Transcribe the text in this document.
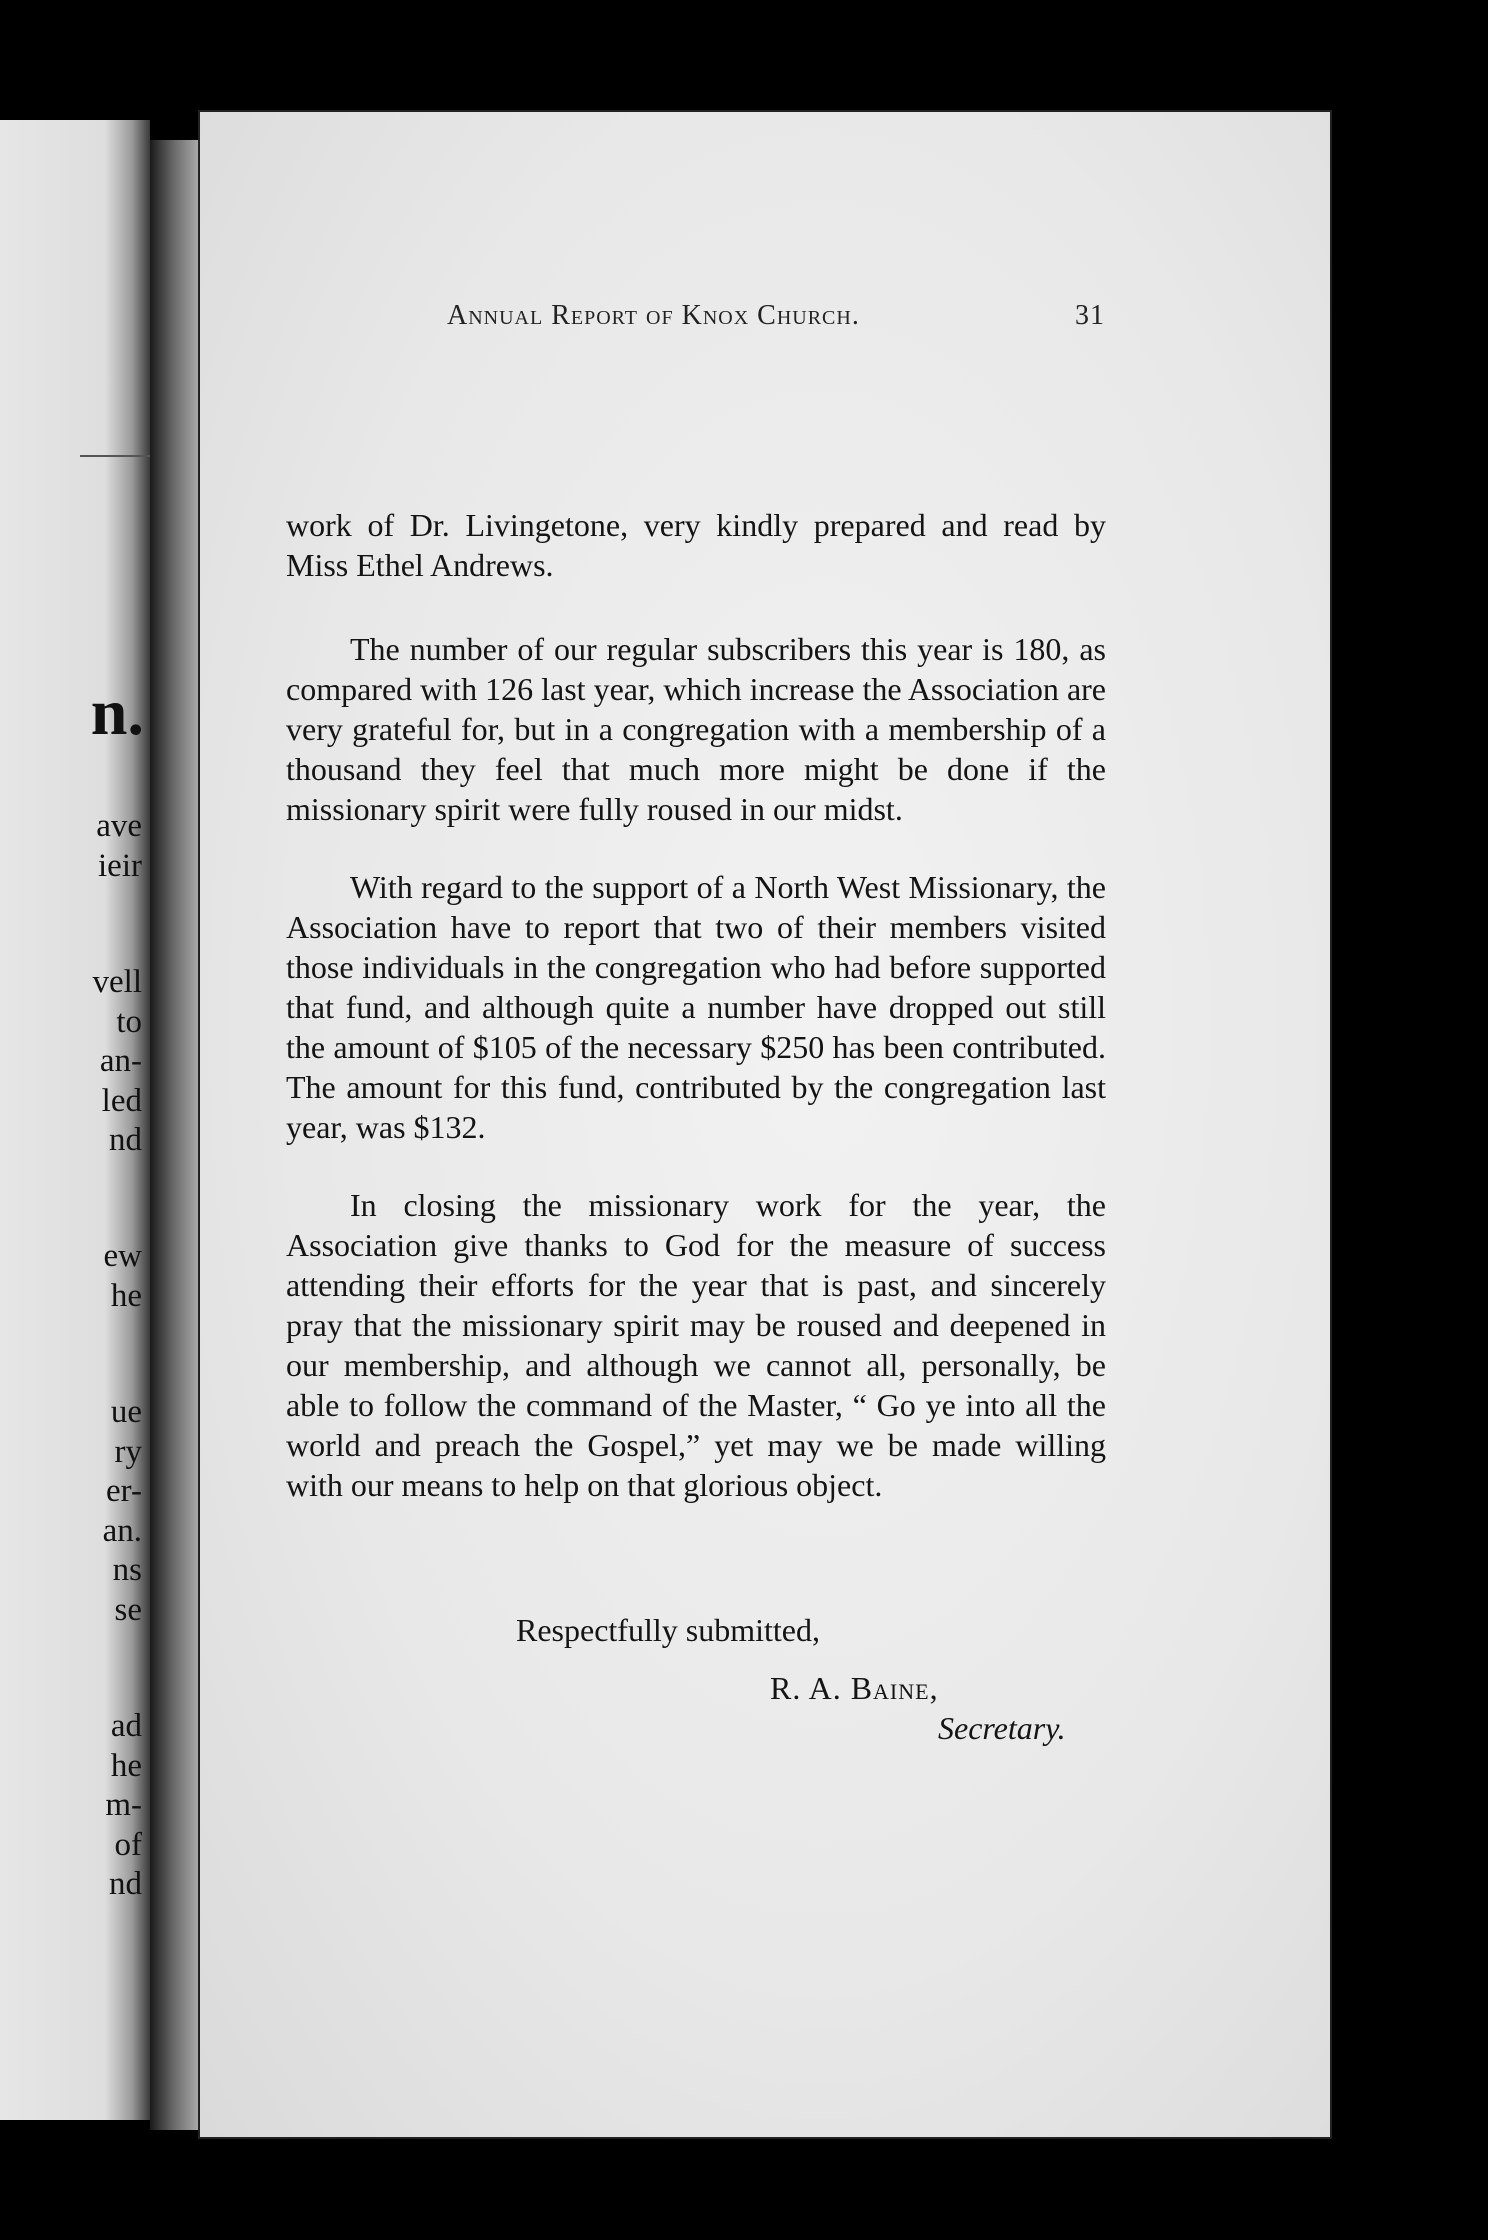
n.
ave
ieir
vell
to
an-
led
nd
ew
he
ue
ry
er-
an.
ns
se
ad
he
m-
of
nd
Annual Report of Knox Church.	31

work of Dr. Livingetone, very kindly prepared and read by Miss Ethel Andrews.

The number of our regular subscribers this year is 180, as compared with 126 last year, which increase the Association are very grateful for, but in a congregation with a membership of a thousand they feel that much more might be done if the missionary spirit were fully roused in our midst.

With regard to the support of a North West Missionary, the Association have to report that two of their members visited those individuals in the congregation who had before supported that fund, and although quite a number have dropped out still the amount of $105 of the necessary $250 has been contributed. The amount for this fund, contributed by the congregation last year, was $132.

In closing the missionary work for the year, the Association give thanks to God for the measure of success attending their efforts for the year that is past, and sincerely pray that the missionary spirit may be roused and deepened in our membership, and although we cannot all, personally, be able to follow the command of the Master, “ Go ye into all the world and preach the Gospel,” yet may we be made willing with our means to help on that glorious object.

Respectfully submitted,
R. A. Baine,
Secretary.
